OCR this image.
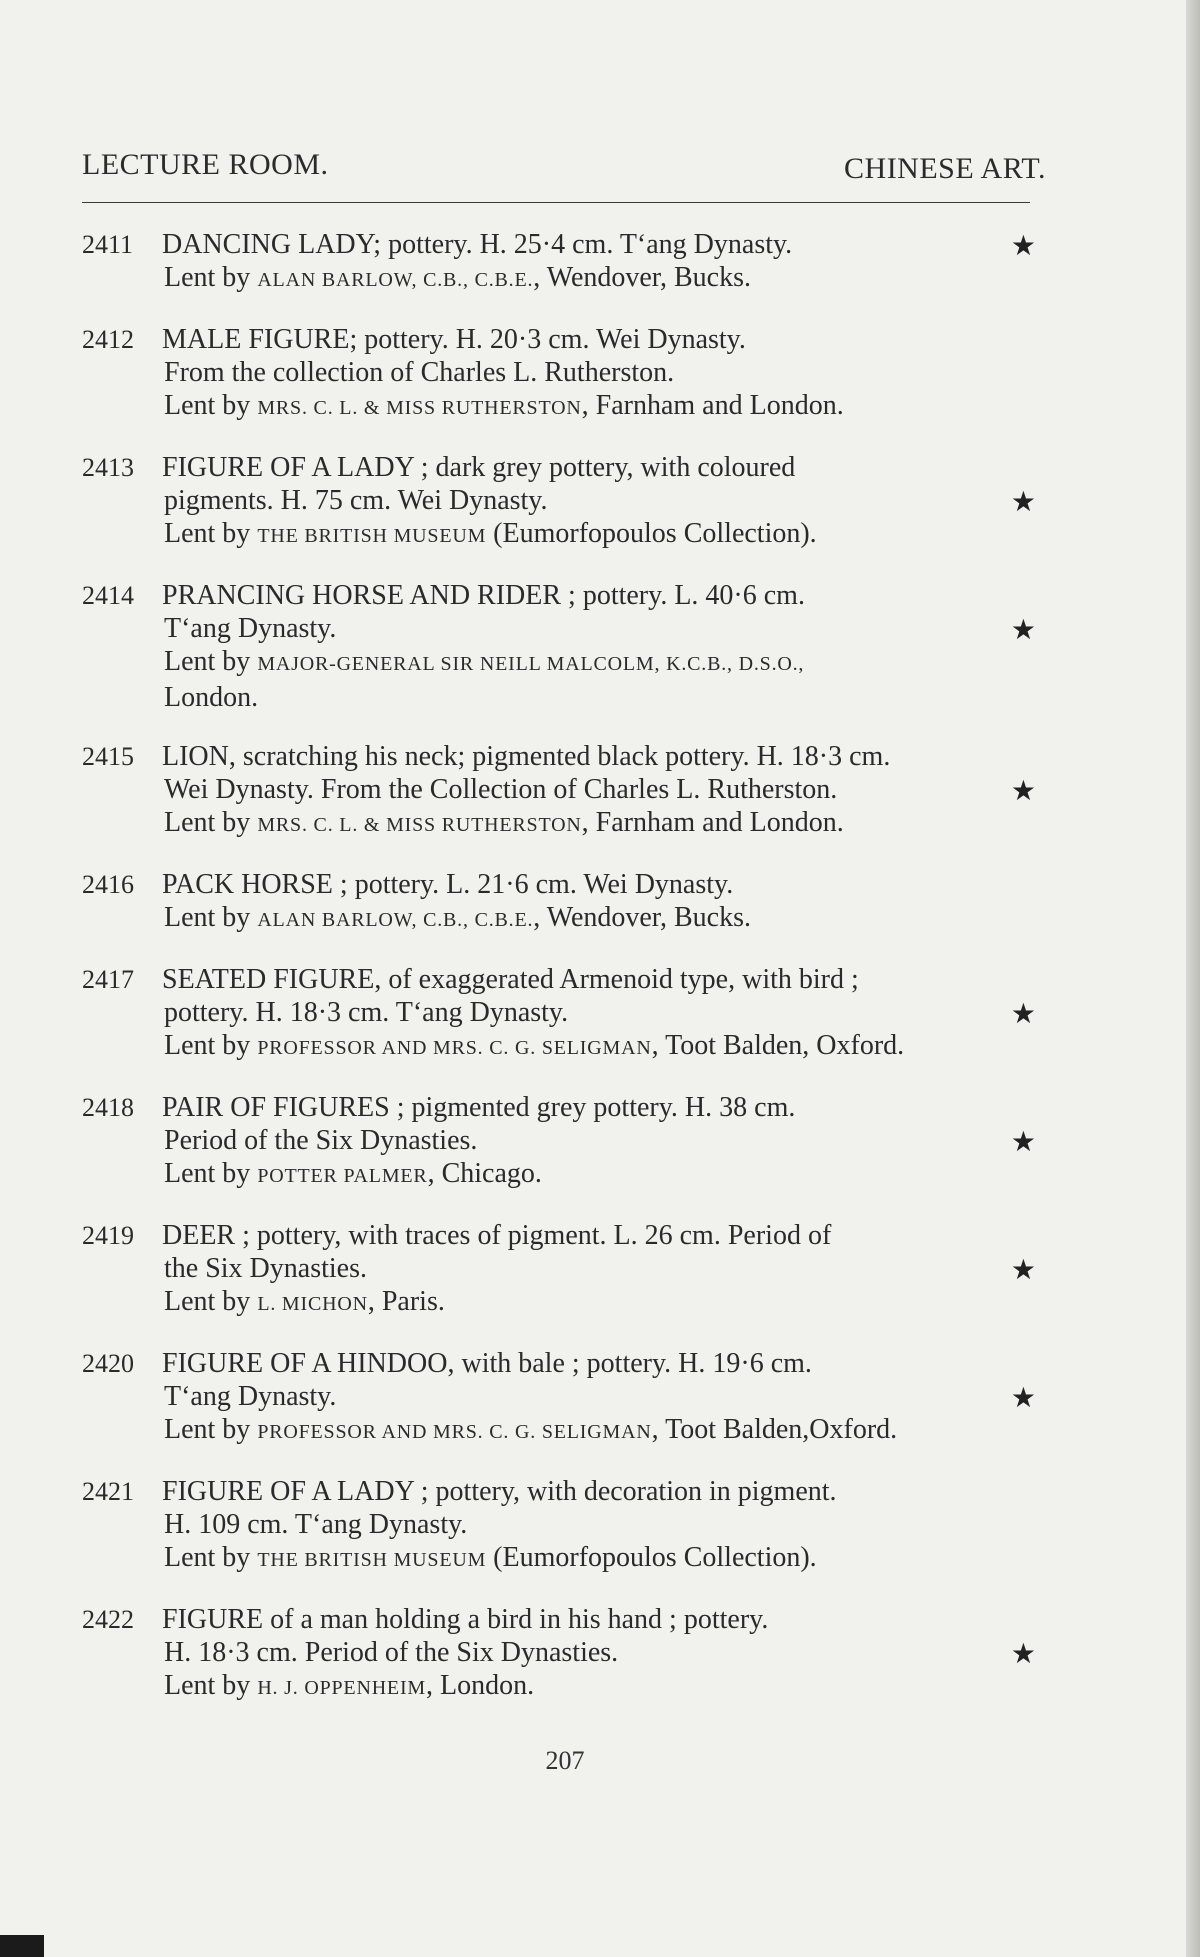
LECTURE ROOM.	CHINESE ART.
2411 DANCING LADY; pottery. H. 25·4 cm. T‘ang Dynasty.	★
Lent by ALAN BARLOW, C.B., C.B.E., Wendover, Bucks.
2412 MALE FIGURE; pottery. H. 20·3 cm. Wei Dynasty.
From the collection of Charles L. Rutherston.
Lent by MRS. C. L. & MISS RUTHERSTON, Farnham and London.
2413 FIGURE OF A LADY ; dark grey pottery, with coloured
pigments. H. 75 cm. Wei Dynasty.	★
Lent by THE BRITISH MUSEUM (Eumorfopoulos Collection).
2414 PRANCING HORSE AND RIDER ; pottery. L. 40·6 cm.
T‘ang Dynasty.	★
Lent by MAJOR-GENERAL SIR NEILL MALCOLM, K.C.B., D.S.O.,
London.
2415 LION, scratching his neck; pigmented black pottery. H. 18·3 cm.
Wei Dynasty. From the Collection of Charles L. Rutherston.	★
Lent by MRS. C. L. & MISS RUTHERSTON, Farnham and London.
2416 PACK HORSE ; pottery. L. 21·6 cm. Wei Dynasty.
Lent by ALAN BARLOW, C.B., C.B.E., Wendover, Bucks.
2417 SEATED FIGURE, of exaggerated Armenoid type, with bird ;
pottery. H. 18·3 cm. T‘ang Dynasty.	★
Lent by PROFESSOR AND MRS. C. G. SELIGMAN, Toot Balden, Oxford.
2418 PAIR OF FIGURES ; pigmented grey pottery. H. 38 cm.
Period of the Six Dynasties.	★
Lent by POTTER PALMER, Chicago.
2419 DEER ; pottery, with traces of pigment. L. 26 cm. Period of
the Six Dynasties.	★
Lent by L. MICHON, Paris.
2420 FIGURE OF A HINDOO, with bale ; pottery. H. 19·6 cm.
T‘ang Dynasty.	★
Lent by PROFESSOR AND MRS. C. G. SELIGMAN, Toot Balden,Oxford.
2421 FIGURE OF A LADY ; pottery, with decoration in pigment.
H. 109 cm. T‘ang Dynasty.
Lent by THE BRITISH MUSEUM (Eumorfopoulos Collection).
2422 FIGURE of a man holding a bird in his hand ; pottery.
H. 18·3 cm. Period of the Six Dynasties.	★
Lent by H. J. OPPENHEIM, London.
207
